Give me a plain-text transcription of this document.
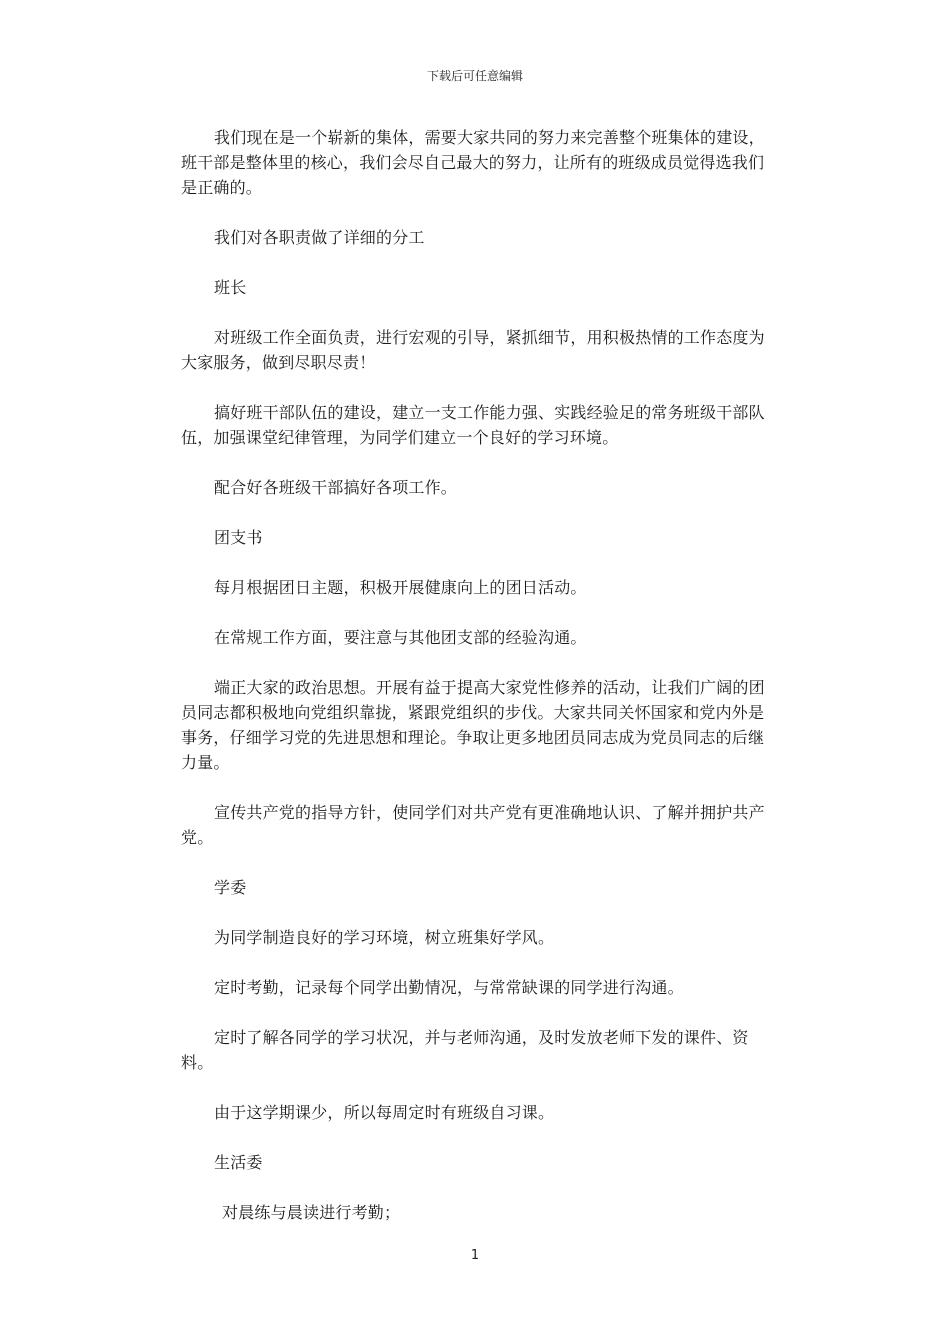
下载后可任意编辑

我们现在是一个崭新的集体，需要大家共同的努力来完善整个班集体的建设，班干部是整体里的核心，我们会尽自己最大的努力，让所有的班级成员觉得选我们是正确的。

我们对各职责做了详细的分工

班长

对班级工作全面负责，进行宏观的引导，紧抓细节，用积极热情的工作态度为大家服务，做到尽职尽责！

搞好班干部队伍的建设，建立一支工作能力强、实践经验足的常务班级干部队伍，加强课堂纪律管理，为同学们建立一个良好的学习环境。

配合好各班级干部搞好各项工作。

团支书

每月根据团日主题，积极开展健康向上的团日活动。

在常规工作方面，要注意与其他团支部的经验沟通。

端正大家的政治思想。开展有益于提高大家党性修养的活动，让我们广阔的团员同志都积极地向党组织靠拢，紧跟党组织的步伐。大家共同关怀国家和党内外是事务，仔细学习党的先进思想和理论。争取让更多地团员同志成为党员同志的后继力量。

宣传共产党的指导方针，使同学们对共产党有更准确地认识、了解并拥护共产党。

学委

为同学制造良好的学习环境，树立班集好学风。

定时考勤，记录每个同学出勤情况，与常常缺课的同学进行沟通。

定时了解各同学的学习状况，并与老师沟通，及时发放老师下发的课件、资料。

由于这学期课少，所以每周定时有班级自习课。

生活委

对晨练与晨读进行考勤；

1
